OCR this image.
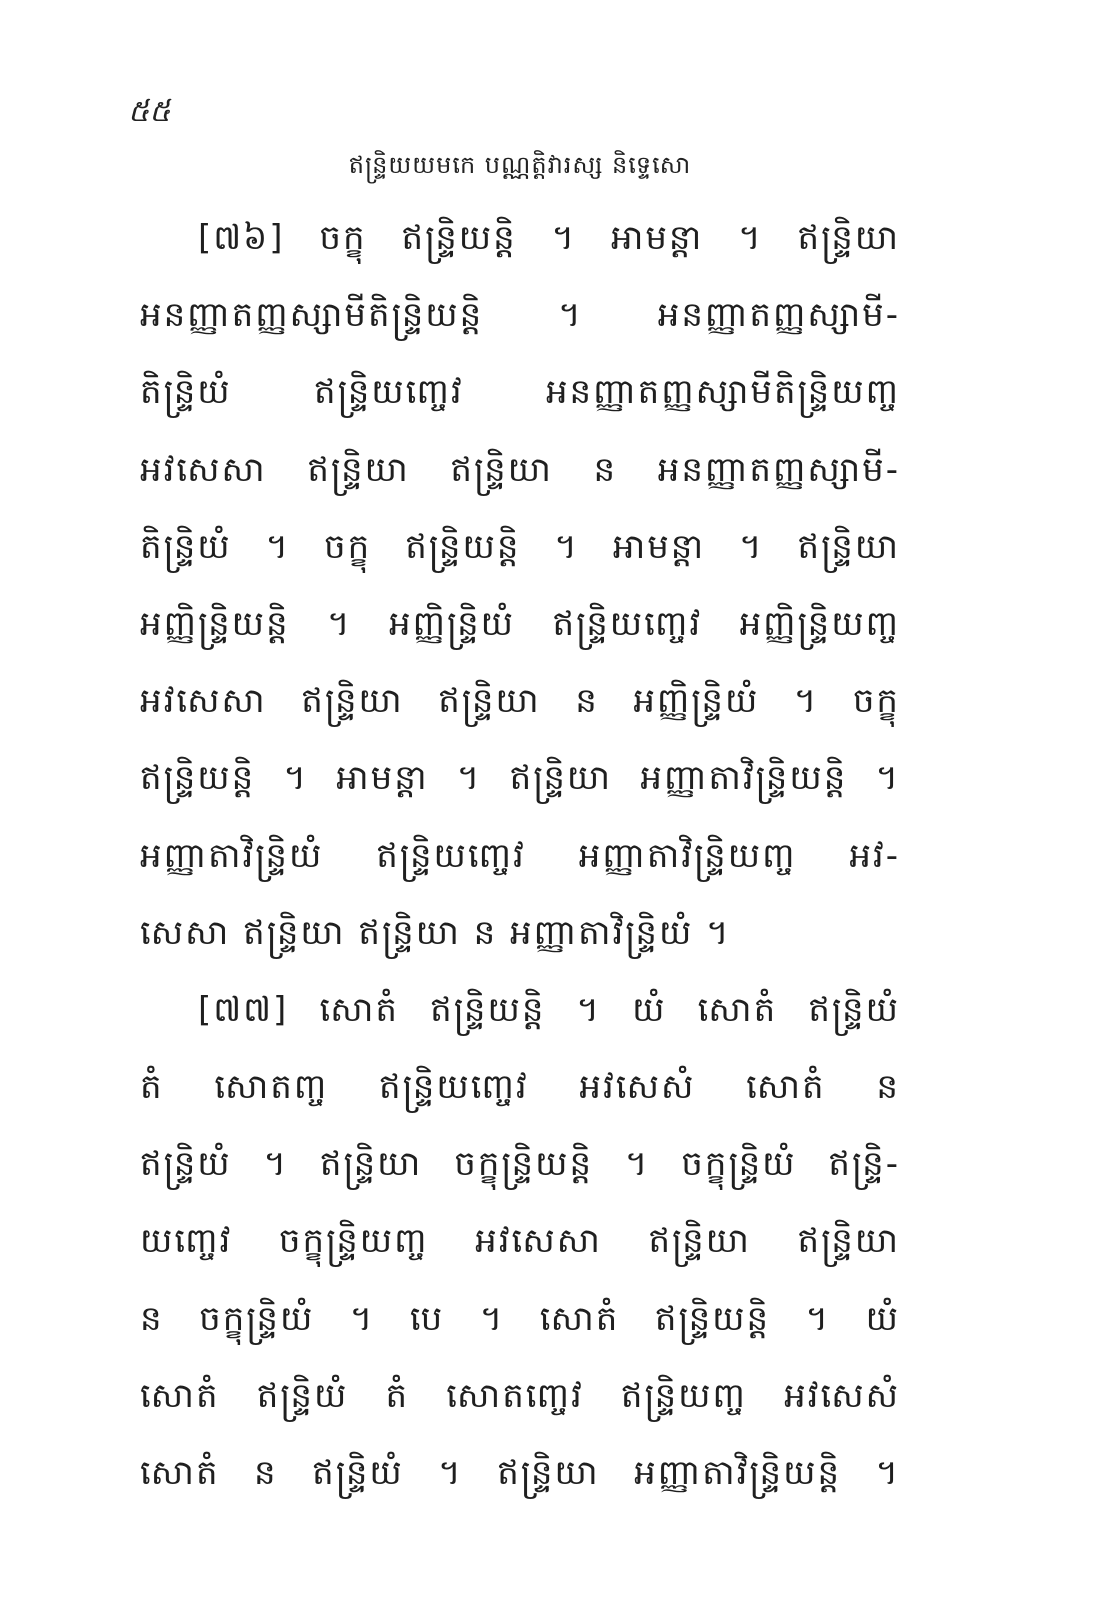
៥៥
ឥន្ទ្រិយយមកេ បណ្ណត្តិវារស្ស និទ្ទេសោ
[៧៦] ចក្ខុ ឥន្ទ្រិយន្តិ ។ អាមន្តា ។ ឥន្ទ្រិយា
អនញ្ញាតញ្ញស្សាមីតិន្ទ្រិយន្តិ ។ អនញ្ញាតញ្ញស្សាមី-
តិន្ទ្រិយំ ឥន្ទ្រិយញ្ចេវ អនញ្ញាតញ្ញស្សាមីតិន្ទ្រិយញ្ច
អវសេសា ឥន្ទ្រិយា ឥន្ទ្រិយា ន អនញ្ញាតញ្ញស្សាមី-
តិន្ទ្រិយំ ។ ចក្ខុ ឥន្ទ្រិយន្តិ ។ អាមន្តា ។ ឥន្ទ្រិយា
អញ្ញិន្ទ្រិយន្តិ ។ អញ្ញិន្ទ្រិយំ ឥន្ទ្រិយញ្ចេវ អញ្ញិន្ទ្រិយញ្ច
អវសេសា ឥន្ទ្រិយា ឥន្ទ្រិយា ន អញ្ញិន្ទ្រិយំ ។ ចក្ខុ
ឥន្ទ្រិយន្តិ ។ អាមន្តា ។ ឥន្ទ្រិយា អញ្ញាតាវិន្ទ្រិយន្តិ ។
អញ្ញាតាវិន្ទ្រិយំ ឥន្ទ្រិយញ្ចេវ អញ្ញាតាវិន្ទ្រិយញ្ច អវ-
សេសា ឥន្ទ្រិយា ឥន្ទ្រិយា ន អញ្ញាតាវិន្ទ្រិយំ ។
[៧៧] សោតំ ឥន្ទ្រិយន្តិ ។ យំ សោតំ ឥន្ទ្រិយំ
តំ សោតញ្ច ឥន្ទ្រិយញ្ចេវ អវសេសំ សោតំ ន
ឥន្ទ្រិយំ ។ ឥន្ទ្រិយា ចក្ខុន្ទ្រិយន្តិ ។ ចក្ខុន្ទ្រិយំ ឥន្ទ្រិ-
យញ្ចេវ ចក្ខុន្ទ្រិយញ្ច អវសេសា ឥន្ទ្រិយា ឥន្ទ្រិយា
ន ចក្ខុន្ទ្រិយំ ។ បេ ។ សោតំ ឥន្ទ្រិយន្តិ ។ យំ
សោតំ ឥន្ទ្រិយំ តំ សោតញ្ចេវ ឥន្ទ្រិយញ្ច អវសេសំ
សោតំ ន ឥន្ទ្រិយំ ។ ឥន្ទ្រិយា អញ្ញាតាវិន្ទ្រិយន្តិ ។
